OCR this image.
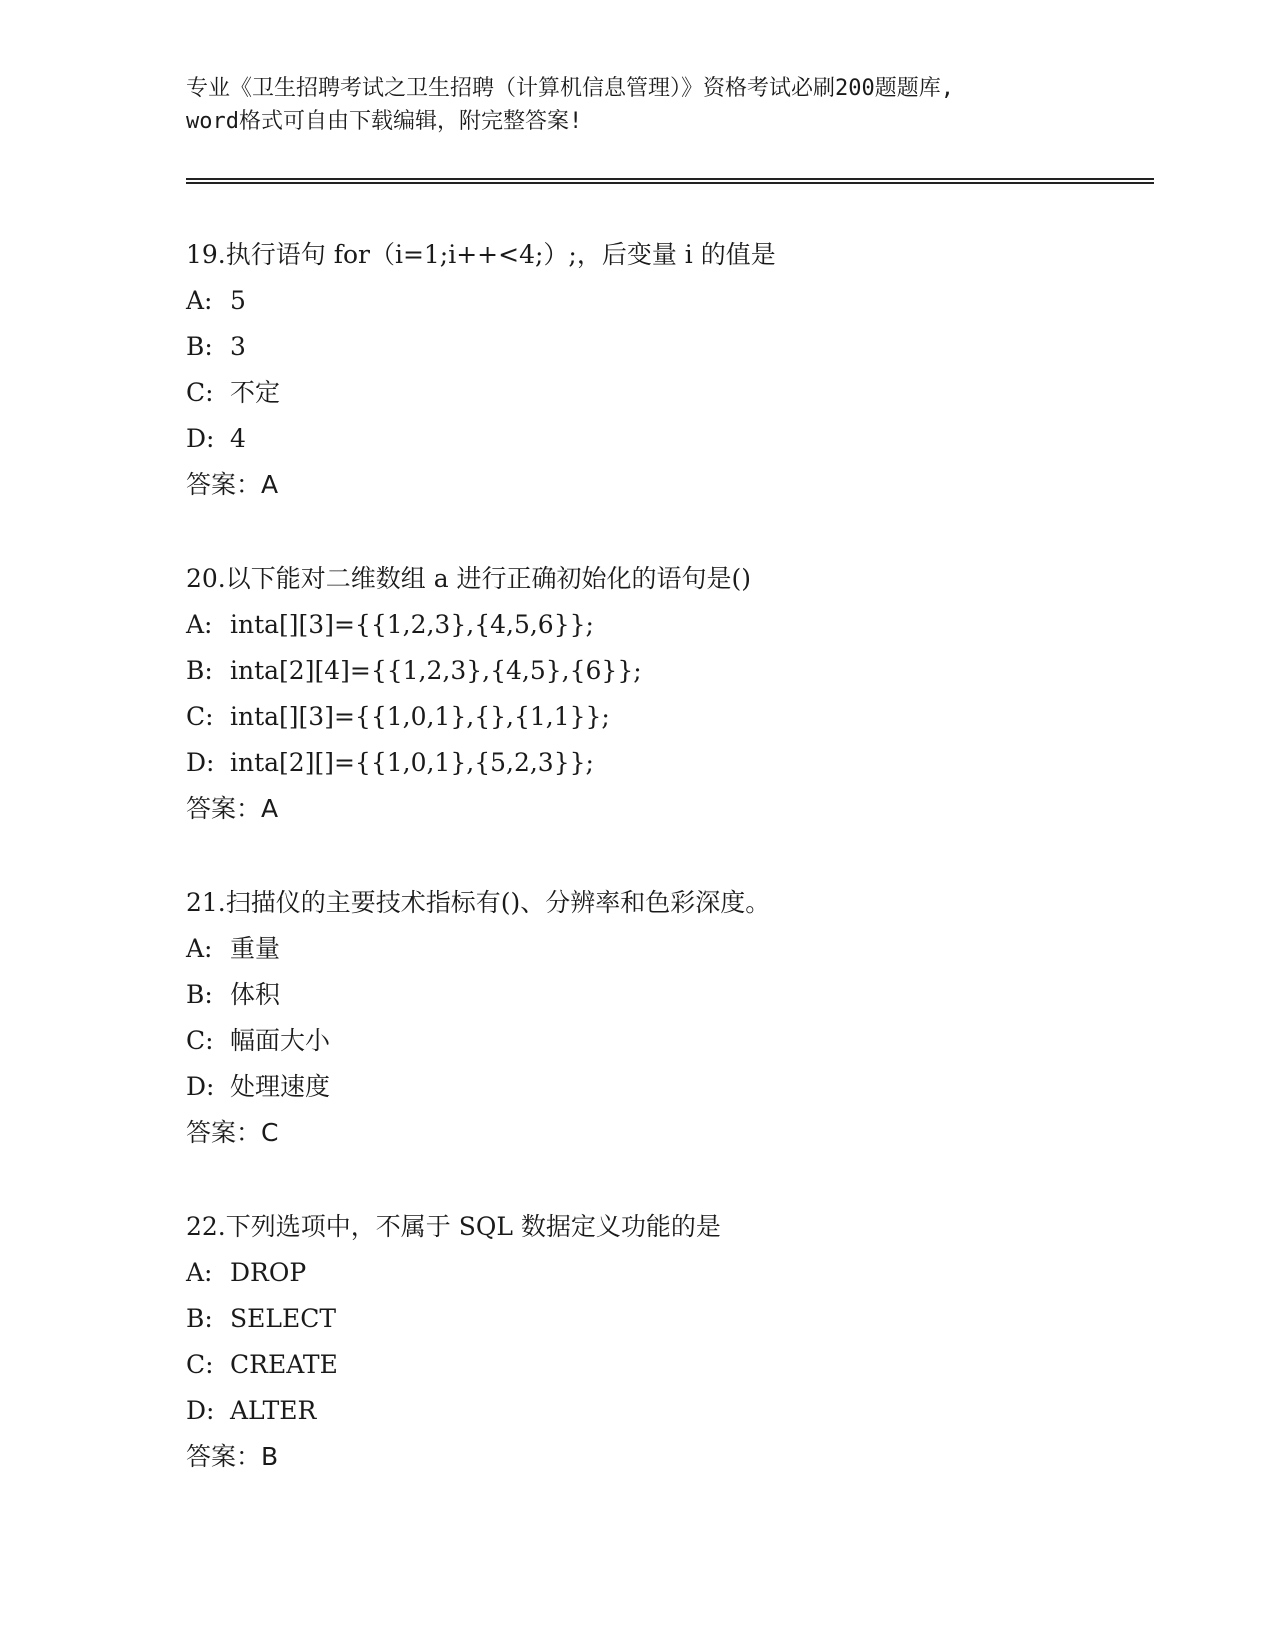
专业《卫生招聘考试之卫生招聘（计算机信息管理）》资格考试必刷200题题库,
word格式可自由下载编辑，附完整答案!
19.执行语句 for（i=1;i++<4;）;，后变量 i 的值是
A: 5
B: 3
C: 不定
D: 4
答案：A
20.以下能对二维数组 a 进行正确初始化的语句是()
A: inta[][3]={{1,2,3},{4,5,6}};
B: inta[2][4]={{1,2,3},{4,5},{6}};
C: inta[][3]={{1,0,1},{},{1,1}};
D: inta[2][]={{1,0,1},{5,2,3}};
答案：A
21.扫描仪的主要技术指标有()、分辨率和色彩深度。
A: 重量
B: 体积
C: 幅面大小
D: 处理速度
答案：C
22.下列选项中，不属于 SQL 数据定义功能的是
A: DROP
B: SELECT
C: CREATE
D: ALTER
答案：B
